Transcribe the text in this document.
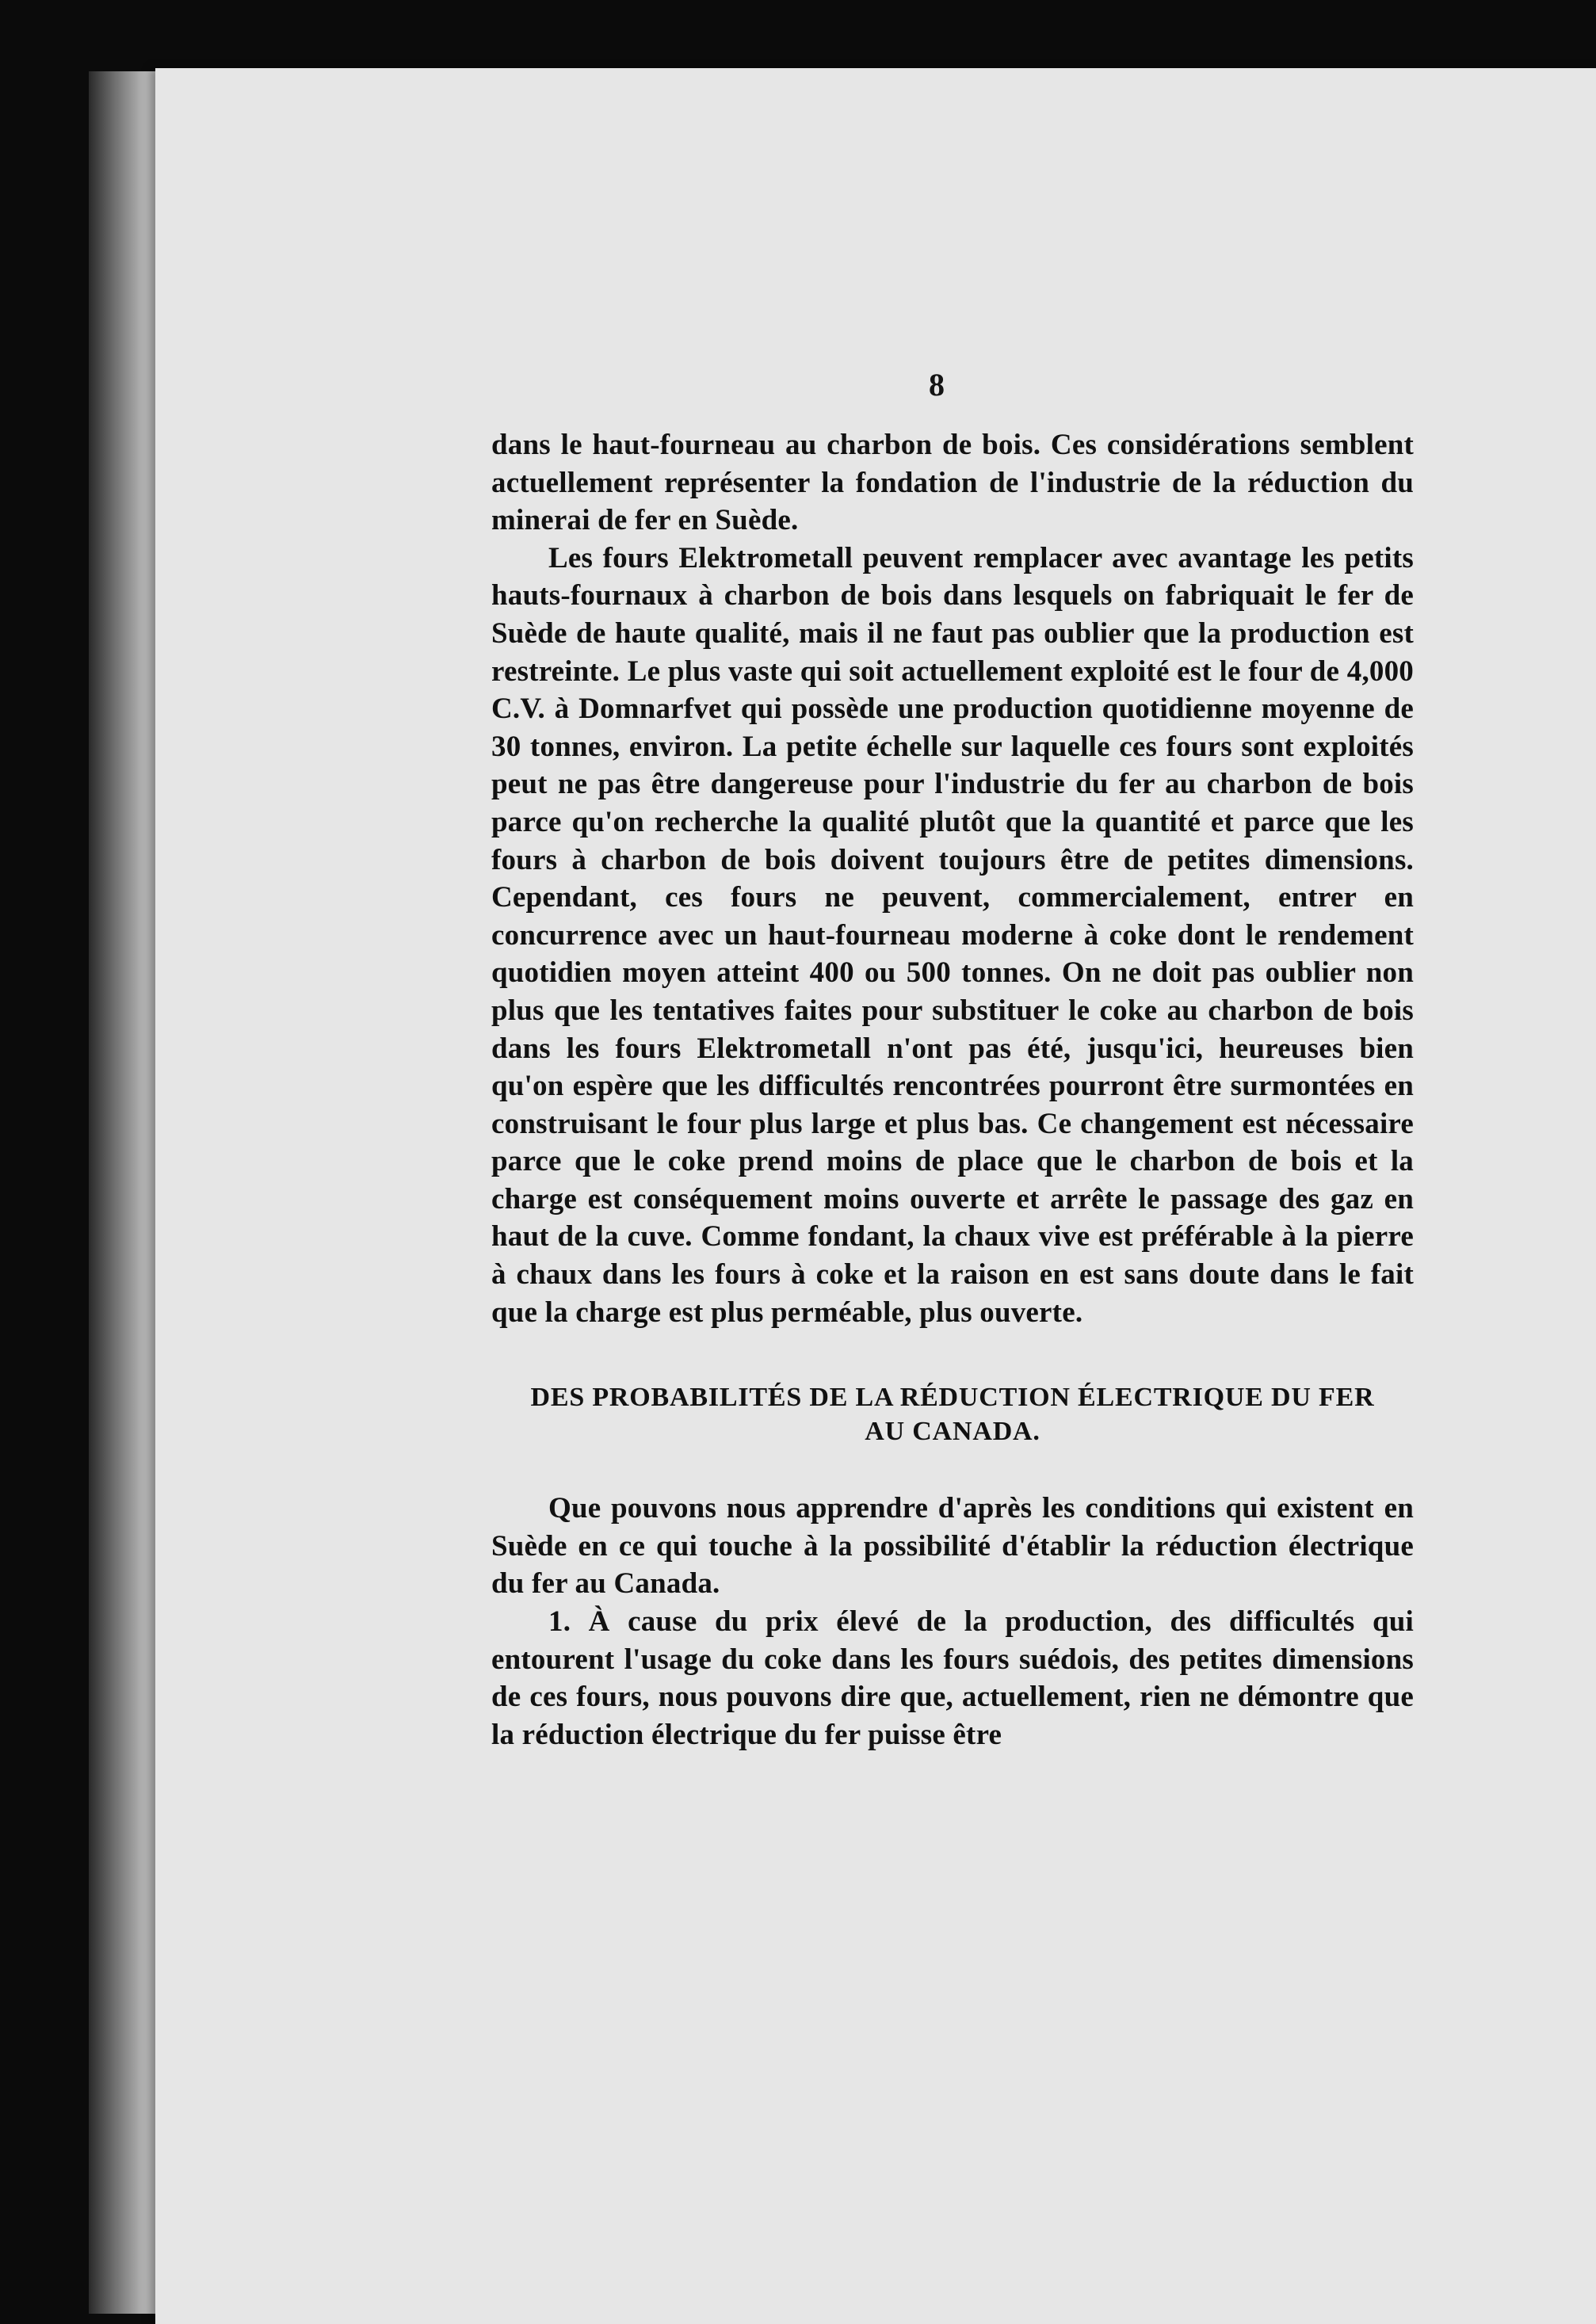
8

dans le haut-fourneau au charbon de bois. Ces considérations semblent actuellement représenter la fondation de l'industrie de la réduction du minerai de fer en Suède.

Les fours Elektrometall peuvent remplacer avec avantage les petits hauts-fournaux à charbon de bois dans lesquels on fabriquait le fer de Suède de haute qualité, mais il ne faut pas oublier que la production est restreinte. Le plus vaste qui soit actuellement exploité est le four de 4,000 C.V. à Domnarfvet qui possède une production quotidienne moyenne de 30 tonnes, environ. La petite échelle sur laquelle ces fours sont exploités peut ne pas être dangereuse pour l'industrie du fer au charbon de bois parce qu'on recherche la qualité plutôt que la quantité et parce que les fours à charbon de bois doivent toujours être de petites dimensions. Cependant, ces fours ne peuvent, commercialement, entrer en concurrence avec un haut-fourneau moderne à coke dont le rendement quotidien moyen atteint 400 ou 500 tonnes. On ne doit pas oublier non plus que les tentatives faites pour substituer le coke au charbon de bois dans les fours Elektrometall n'ont pas été, jusqu'ici, heureuses bien qu'on espère que les difficultés rencontrées pourront être surmontées en construisant le four plus large et plus bas. Ce changement est nécessaire parce que le coke prend moins de place que le charbon de bois et la charge est conséquement moins ouverte et arrête le passage des gaz en haut de la cuve. Comme fondant, la chaux vive est préférable à la pierre à chaux dans les fours à coke et la raison en est sans doute dans le fait que la charge est plus perméable, plus ouverte.

DES PROBABILITÉS DE LA RÉDUCTION ÉLECTRIQUE DU FER
AU CANADA.

Que pouvons nous apprendre d'après les conditions qui existent en Suède en ce qui touche à la possibilité d'établir la réduction électrique du fer au Canada.

1. À cause du prix élevé de la production, des difficultés qui entourent l'usage du coke dans les fours suédois, des petites dimensions de ces fours, nous pouvons dire que, actuellement, rien ne démontre que la réduction électrique du fer puisse être
